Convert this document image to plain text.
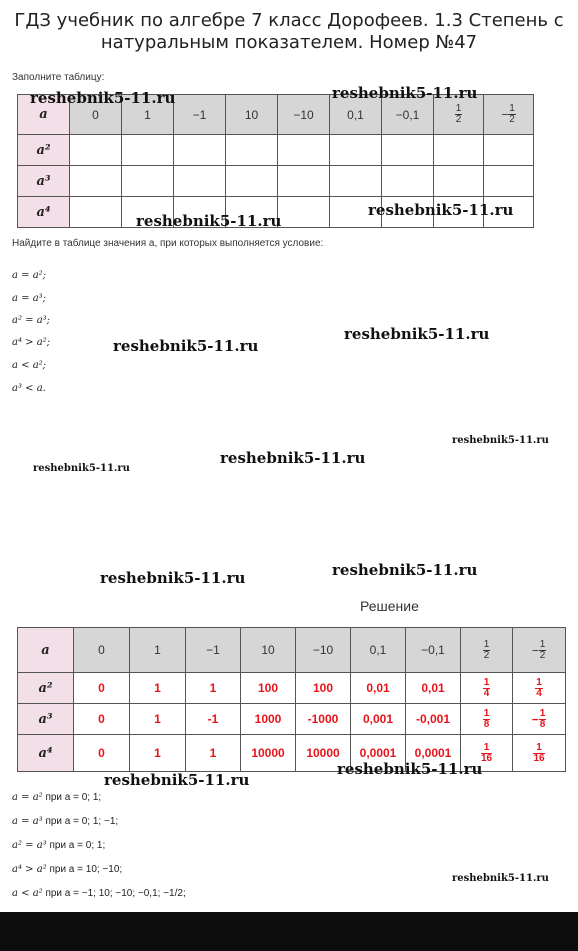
ГДЗ учебник по алгебре 7 класс Дорофеев. 1.3 Степень с
натуральным показателем. Номер №47
Заполните таблицу:
a	0	1	−1	10	−10	0,1	−0,1	$\frac{1}{2}$	− $\frac{1}{2}$

a²									
a³									
a⁴									
Найдите в таблице значения a, при которых выполняется условие:
a = a²;
a = a³;
a² = a³;
a⁴ > a²;
a < a²;
a³ < a.
reshebnik5-11.ru	reshebnik5-11.ru
reshebnik5-11.ru
reshebnik5-11.ru
reshebnik5-11.ru
reshebnik5-11.ru
reshebnik5-11.ru
reshebnik5-11.ru
reshebnik5-11.ru
reshebnik5-11.ru
reshebnik5-11.ru
Решение
a	0	1	−1	10	−10	0,1	−0,1	$\frac{1}{2}$	− $\frac{1}{2}$

a²	0	1	1	100	100	0,01	0,01	$\frac{1}{4}$	$\frac{1}{4}$

a³	0	1	-1	1000	-1000	0,001	-0,001	$\frac{1}{8}$	− $\frac{1}{8}$

a⁴	0	1	1	10000	10000	0,0001	0,0001	$\frac{1}{16}$	$\frac{1}{16}$
reshebnik5-11.ru
reshebnik5-11.ru
a = a² при a = 0; 1;
a = a³ при a = 0; 1; −1;
a² = a³ при a = 0; 1;
a⁴ > a² при a = 10; −10;
a < a² при a = −1; 10; −10; −0,1; −1/2;
reshebnik5-11.ru
